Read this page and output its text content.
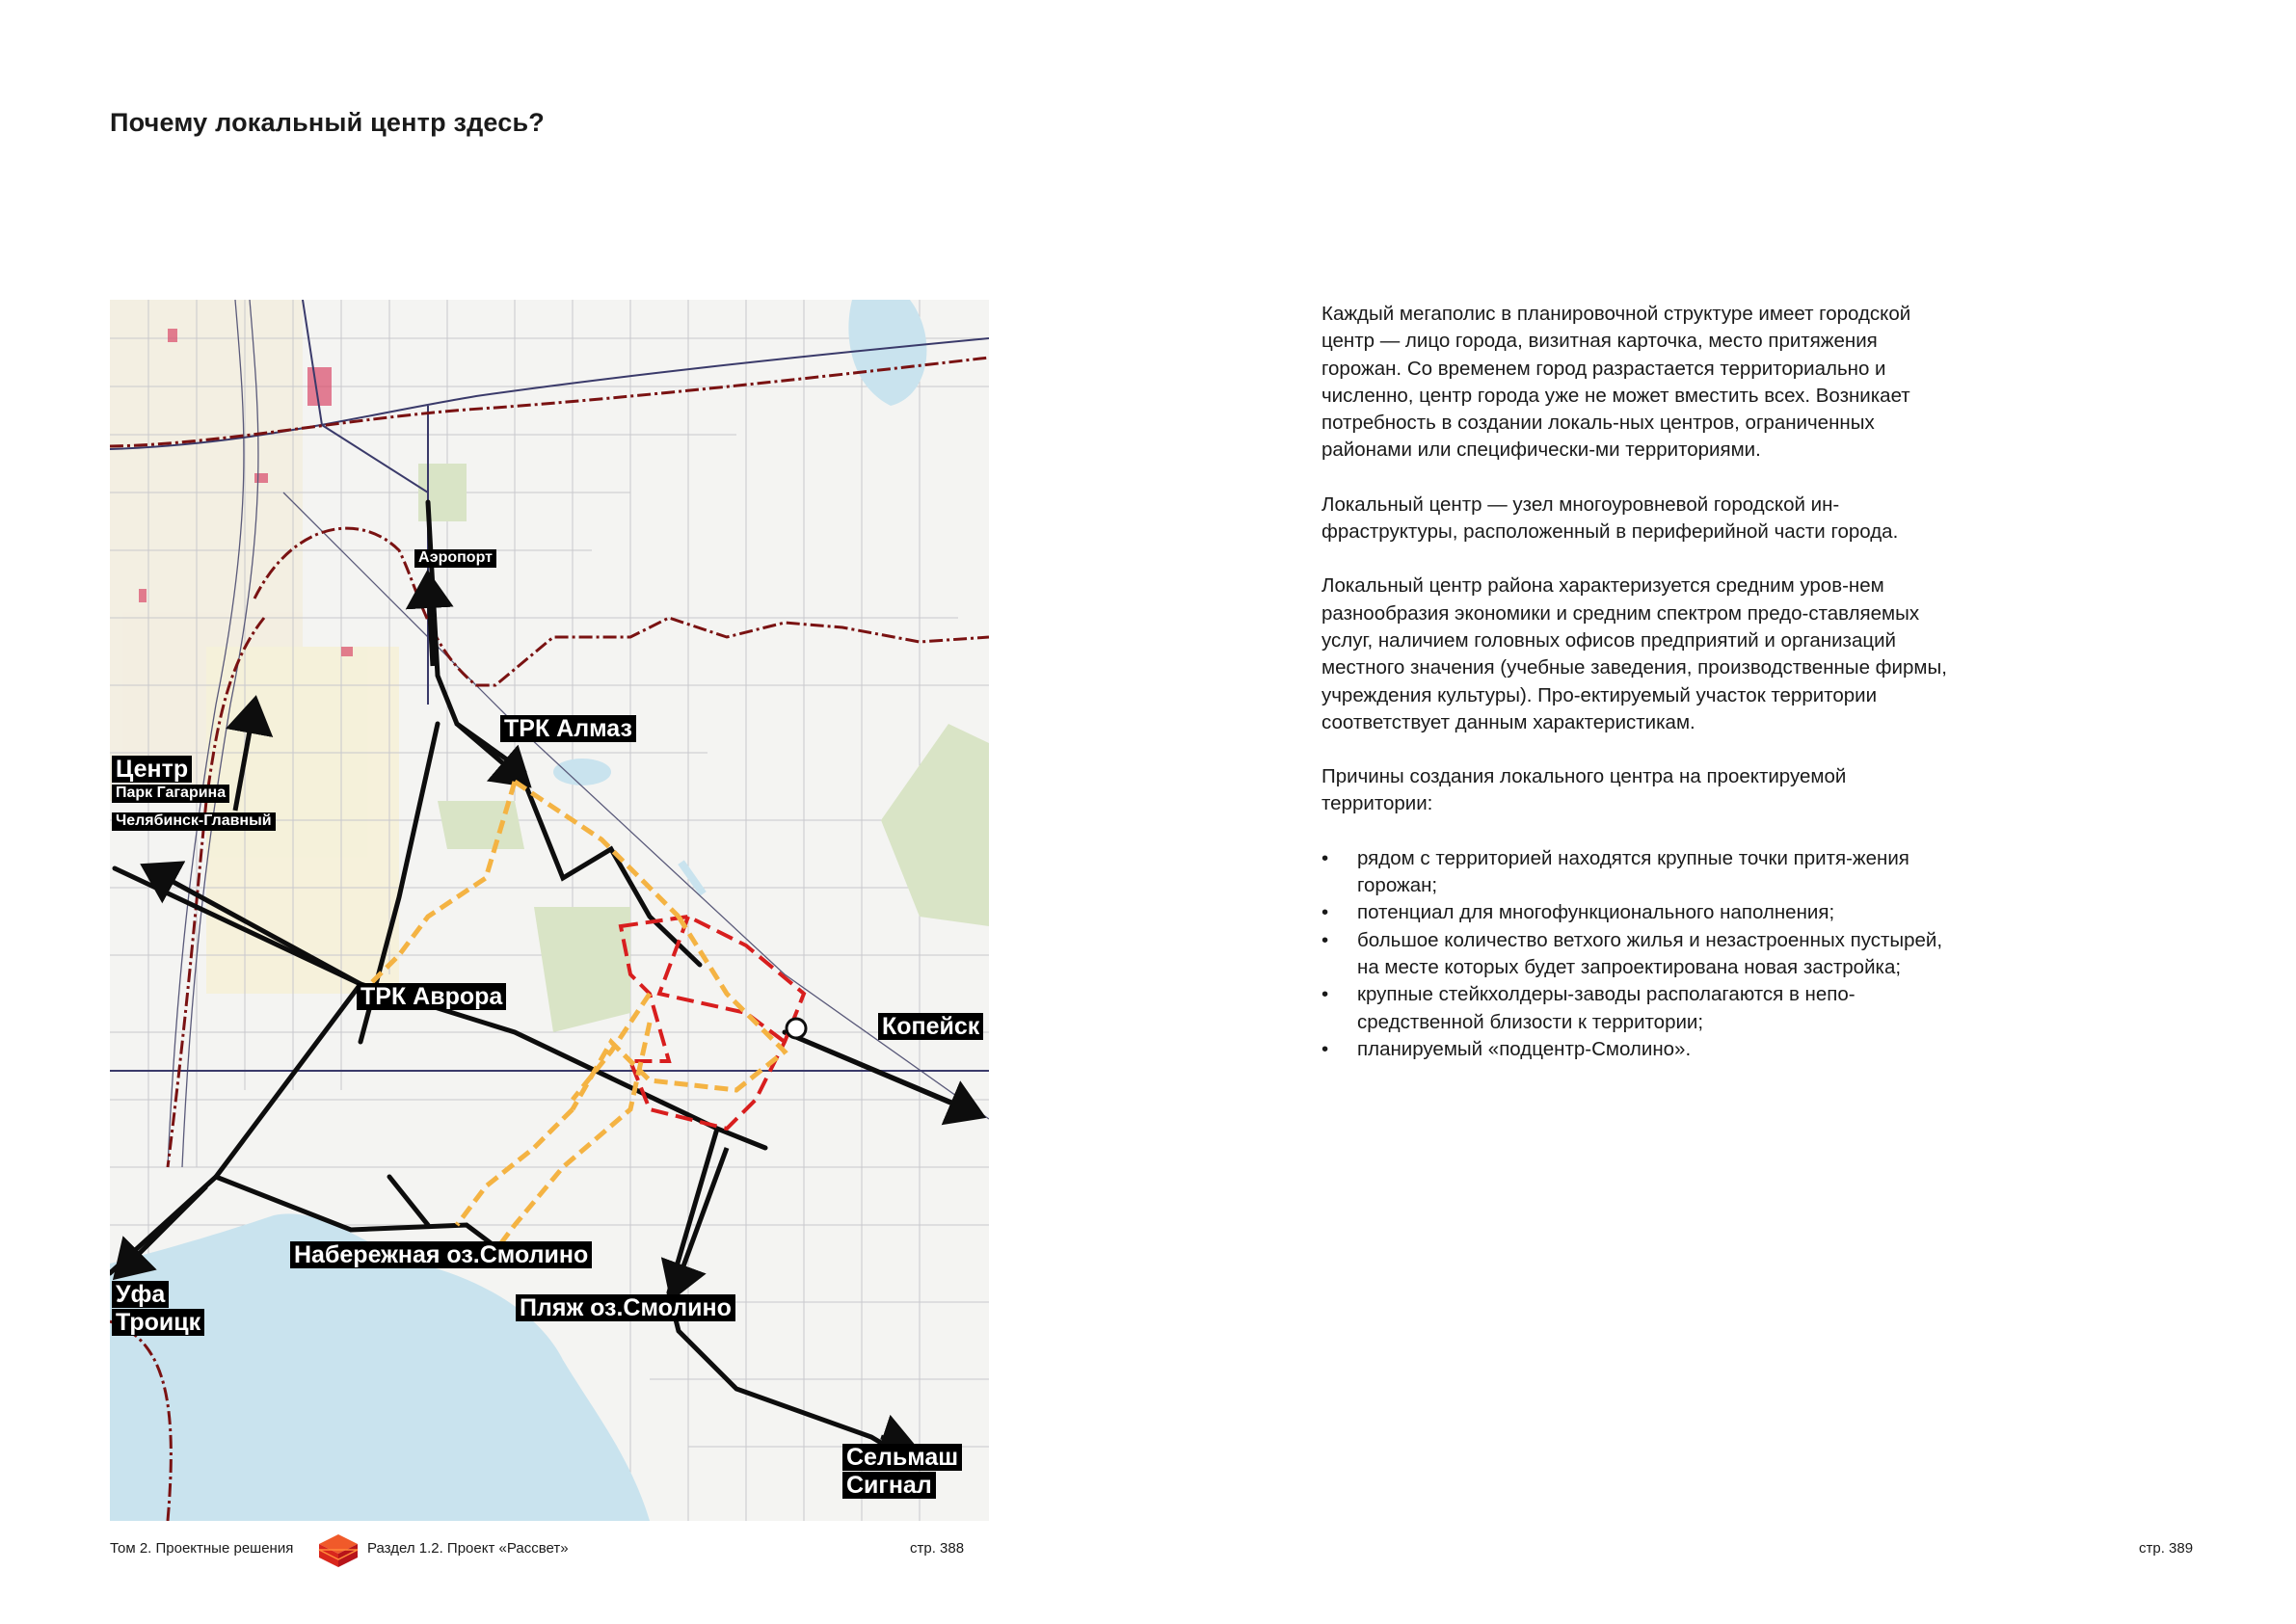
Почему локальный центр здесь?
Аэропорт
ТРК Алмаз
Центр
Парк Гагарина
Челябинск-Главный
ТРК Аврора
Копейск
Набережная оз.Смолино
Уфа
Троицк
Пляж оз.Смолино
Сельмаш
Сигнал

Каждый мегаполис в планировочной структуре имеет городской центр — лицо города, визитная карточка, место притяжения горожан. Со временем город разрастается территориально и численно, центр города уже не может вместить всех. Возникает потребность в создании локаль-ных центров, ограниченных районами или специфически-ми территориями.

Локальный центр — узел многоуровневой городской ин-фраструктуры, расположенный в периферийной части города.

Локальный центр района характеризуется средним уров-нем разнообразия экономики и средним спектром предо-ставляемых услуг, наличием головных офисов предприятий и организаций местного значения (учебные заведения, производственные фирмы, учреждения культуры). Про-ектируемый участок территории соответствует данным характеристикам.

Причины создания локального центра на проектируемой территории:

• рядом с территорией находятся крупные точки притя-жения горожан;
• потенциал для многофункционального наполнения;
• большое количество ветхого жилья и незастроенных пустырей, на месте которых будет запроектирована новая застройка;
• крупные стейкхолдеры-заводы располагаются в непо-средственной близости к территории;
• планируемый «подцентр-Смолино».
Том 2. Проектные решения	Раздел 1.2. Проект «Рассвет»	стр. 388	стр. 389
